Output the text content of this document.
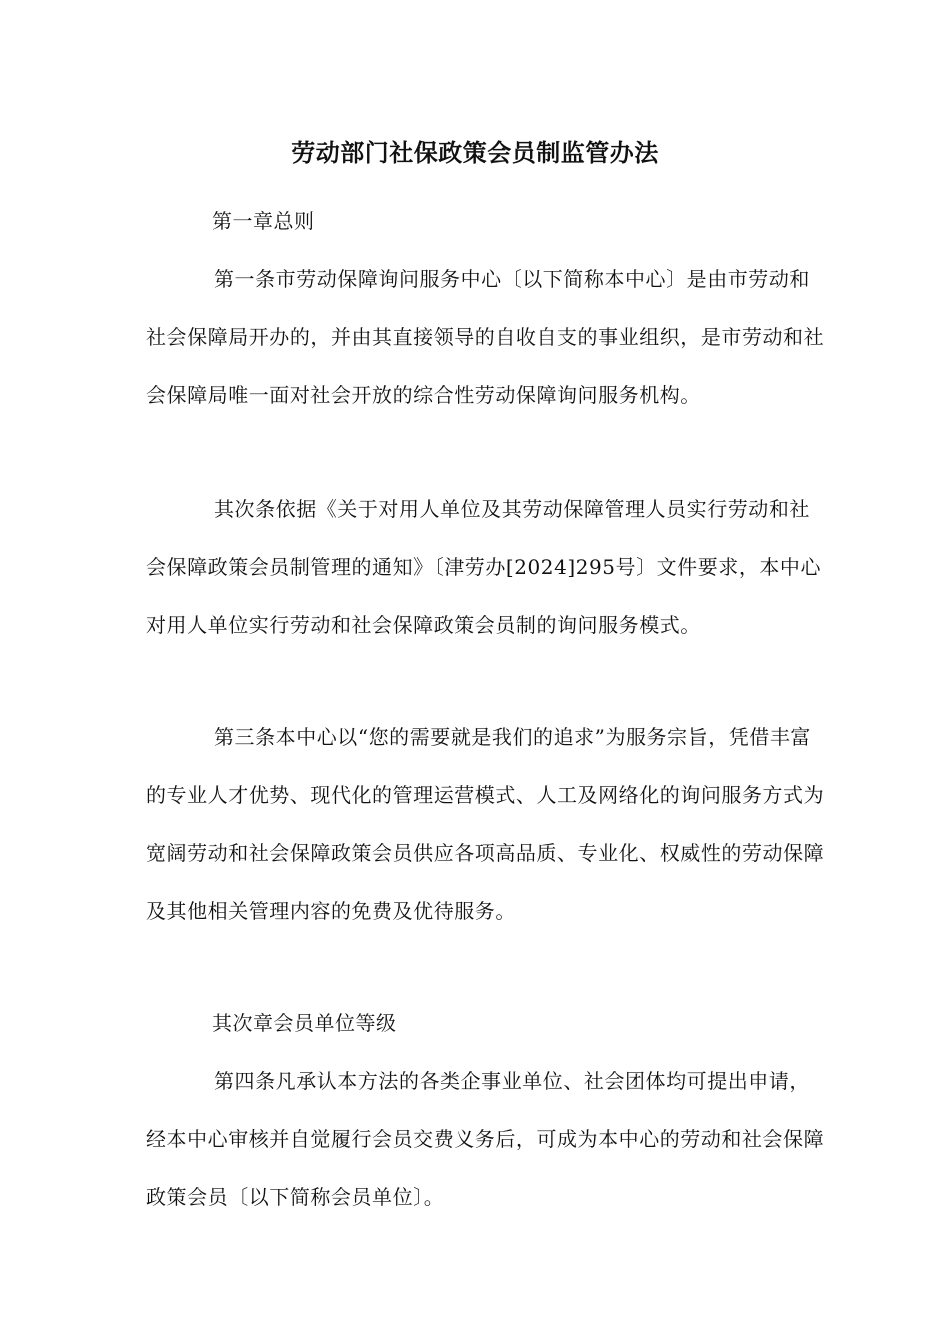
劳动部门社保政策会员制监管办法
第一章总则

第一条市劳动保障询问服务中心〔以下简称本中心〕是由市劳动和社会保障局开办的，并由其直接领导的自收自支的事业组织，是市劳动和社会保障局唯一面对社会开放的综合性劳动保障询问服务机构。

其次条依据《关于对用人单位及其劳动保障管理人员实行劳动和社会保障政策会员制管理的通知》〔津劳办[2024]295号〕文件要求，本中心对用人单位实行劳动和社会保障政策会员制的询问服务模式。

第三条本中心以“您的需要就是我们的追求”为服务宗旨，凭借丰富的专业人才优势、现代化的管理运营模式、人工及网络化的询问服务方式为宽阔劳动和社会保障政策会员供应各项高品质、专业化、权威性的劳动保障及其他相关管理内容的免费及优待服务。

其次章会员单位等级

第四条凡承认本方法的各类企事业单位、社会团体均可提出申请，经本中心审核并自觉履行会员交费义务后，可成为本中心的劳动和社会保障政策会员〔以下简称会员单位〕。
